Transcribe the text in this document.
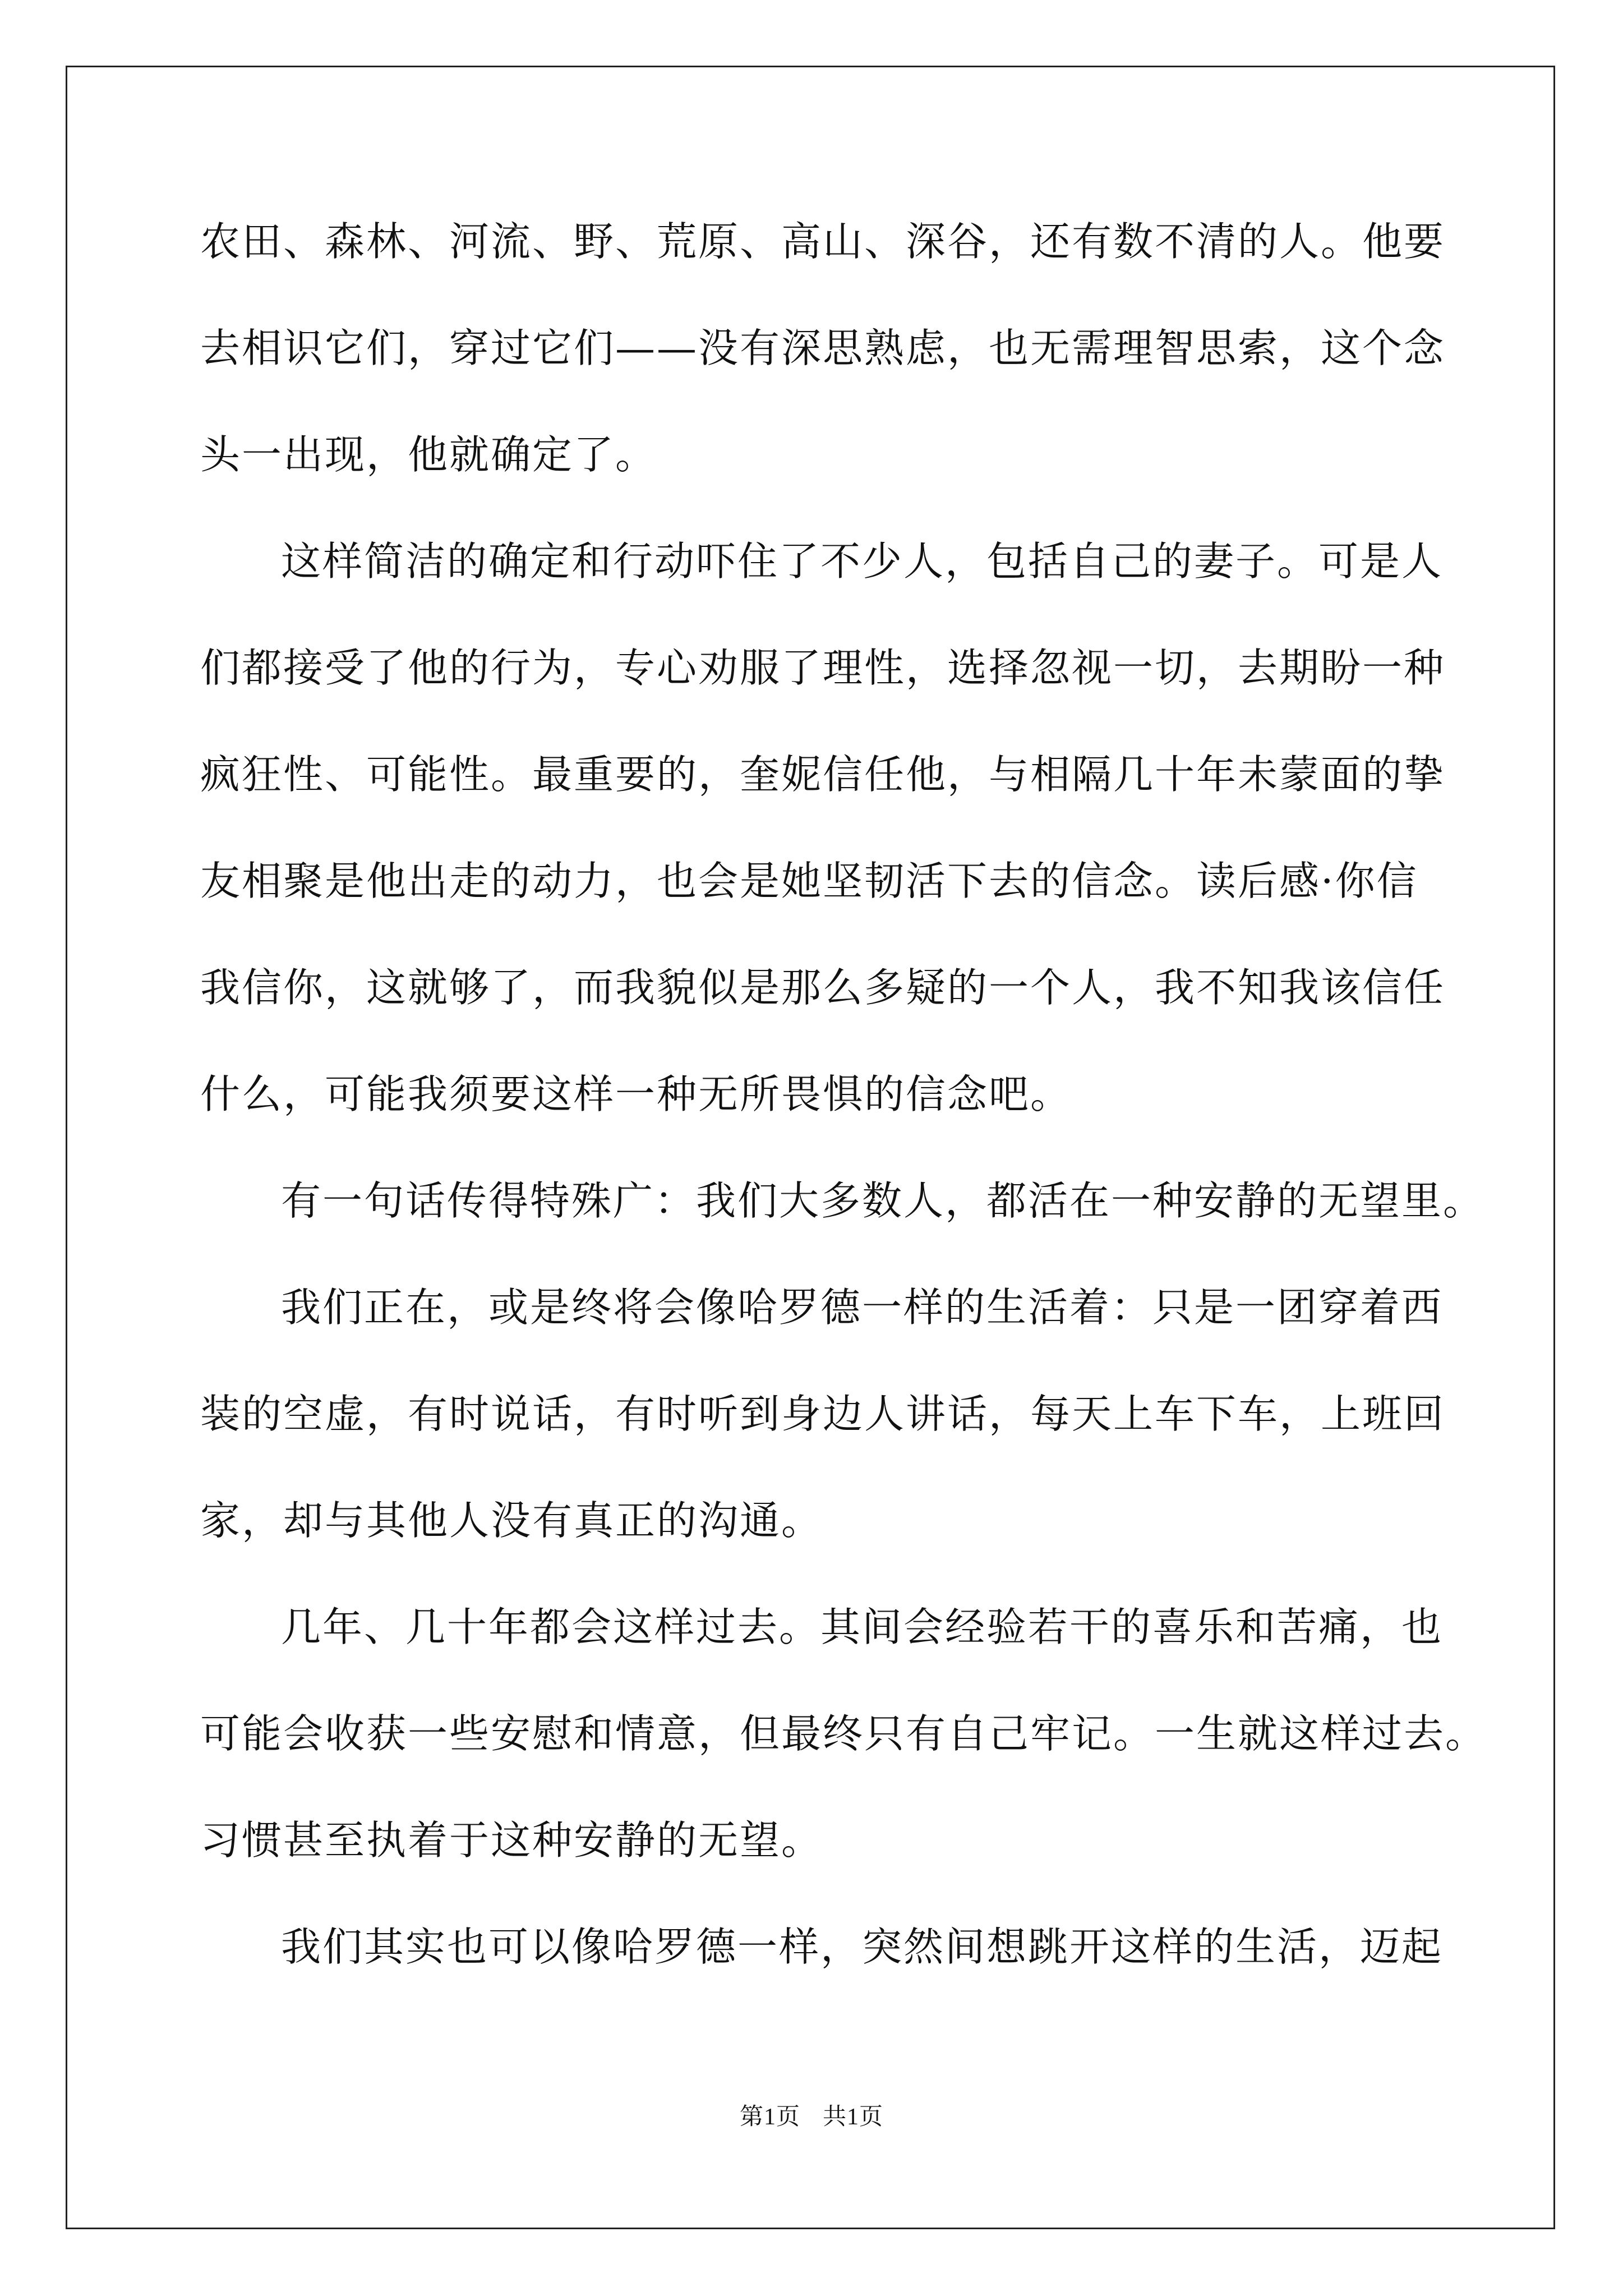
农田、森林、河流、野、荒原、高山、深谷，还有数不清的人。他要
去相识它们，穿过它们——没有深思熟虑，也无需理智思索，这个念
头一出现，他就确定了。
这样简洁的确定和行动吓住了不少人，包括自己的妻子。可是人
们都接受了他的行为，专心劝服了理性，选择忽视一切，去期盼一种
疯狂性、可能性。最重要的，奎妮信任他，与相隔几十年未蒙面的挚
友相聚是他出走的动力，也会是她坚韧活下去的信念。读后感·你信
我信你，这就够了，而我貌似是那么多疑的一个人，我不知我该信任
什么，可能我须要这样一种无所畏惧的信念吧。
有一句话传得特殊广：我们大多数人，都活在一种安静的无望里。
我们正在，或是终将会像哈罗德一样的生活着：只是一团穿着西
装的空虚，有时说话，有时听到身边人讲话，每天上车下车，上班回
家，却与其他人没有真正的沟通。
几年、几十年都会这样过去。其间会经验若干的喜乐和苦痛，也
可能会收获一些安慰和情意，但最终只有自己牢记。一生就这样过去。
习惯甚至执着于这种安静的无望。
我们其实也可以像哈罗德一样，突然间想跳开这样的生活，迈起
第1页 共1页
